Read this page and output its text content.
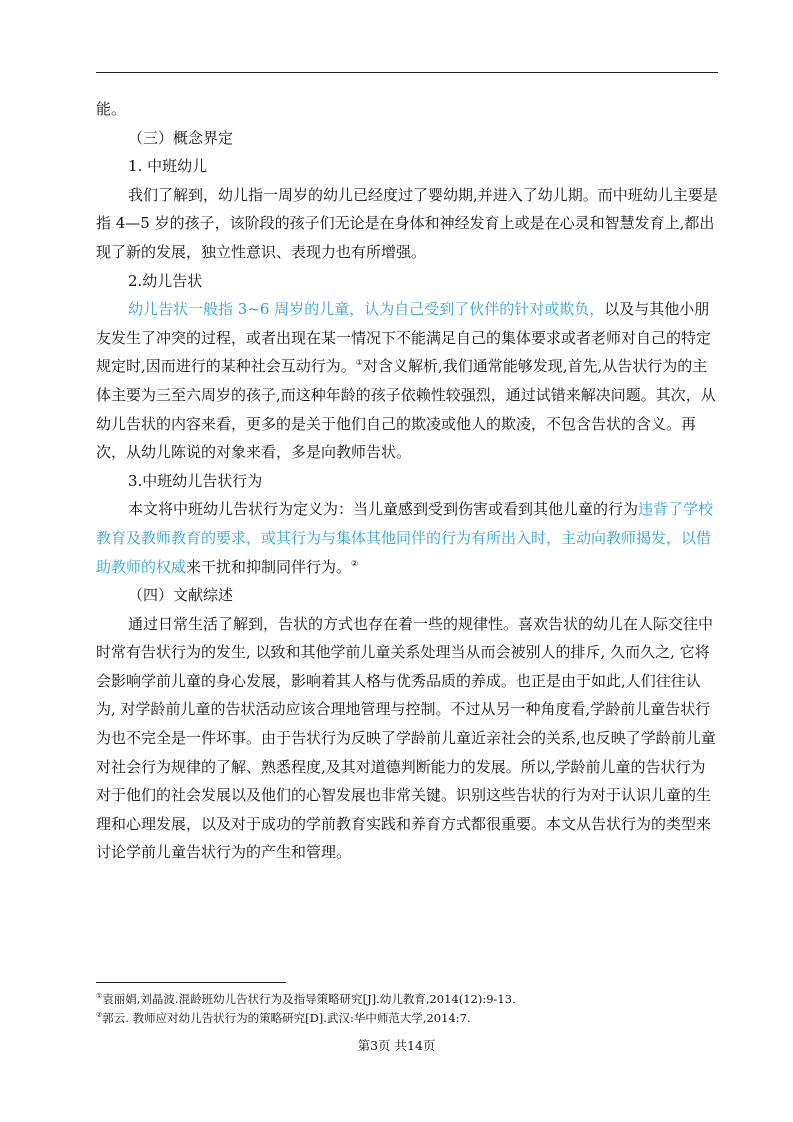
能。

（三）概念界定

1. 中班幼儿

我们了解到，幼儿指一周岁的幼儿已经度过了婴幼期,并进入了幼儿期。而中班幼儿主要是指 4—5 岁的孩子，该阶段的孩子们无论是在身体和神经发育上或是在心灵和智慧发育上,都出现了新的发展，独立性意识、表现力也有所增强。

2.幼儿告状

幼儿告状一般指 3~6 周岁的儿童，认为自己受到了伙伴的针对或欺负，以及与其他小朋友发生了冲突的过程，或者出现在某一情况下不能满足自己的集体要求或者老师对自己的特定规定时,因而进行的某种社会互动行为。①对含义解析,我们通常能够发现,首先,从告状行为的主体主要为三至六周岁的孩子,而这种年龄的孩子依赖性较强烈，通过试错来解决问题。其次，从幼儿告状的内容来看，更多的是关于他们自己的欺凌或他人的欺凌，不包含告状的含义。再次，从幼儿陈说的对象来看，多是向教师告状。

3.中班幼儿告状行为

本文将中班幼儿告状行为定义为：当儿童感到受到伤害或看到其他儿童的行为违背了学校教育及教师教育的要求，或其行为与集体其他同伴的行为有所出入时，主动向教师揭发，以借助教师的权威来干扰和抑制同伴行为。②

（四）文献综述

通过日常生活了解到，告状的方式也存在着一些的规律性。喜欢告状的幼儿在人际交往中时常有告状行为的发生, 以致和其他学前儿童关系处理当从而会被别人的排斥, 久而久之, 它将会影响学前儿童的身心发展，影响着其人格与优秀品质的养成。也正是由于如此,人们往往认为, 对学龄前儿童的告状活动应该合理地管理与控制。不过从另一种角度看,学龄前儿童告状行为也不完全是一件坏事。由于告状行为反映了学龄前儿童近亲社会的关系,也反映了学龄前儿童对社会行为规律的了解、熟悉程度,及其对道德判断能力的发展。所以,学龄前儿童的告状行为对于他们的社会发展以及他们的心智发展也非常关键。识别这些告状的行为对于认识儿童的生理和心理发展，以及对于成功的学前教育实践和养育方式都很重要。本文从告状行为的类型来讨论学前儿童告状行为的产生和管理。

①袁丽娟,刘晶波.混龄班幼儿告状行为及指导策略研究[J].幼儿教育,2014(12):9-13.

②郭云. 教师应对幼儿告状行为的策略研究[D].武汉:华中师范大学,2014:7.

第3页 共14页
